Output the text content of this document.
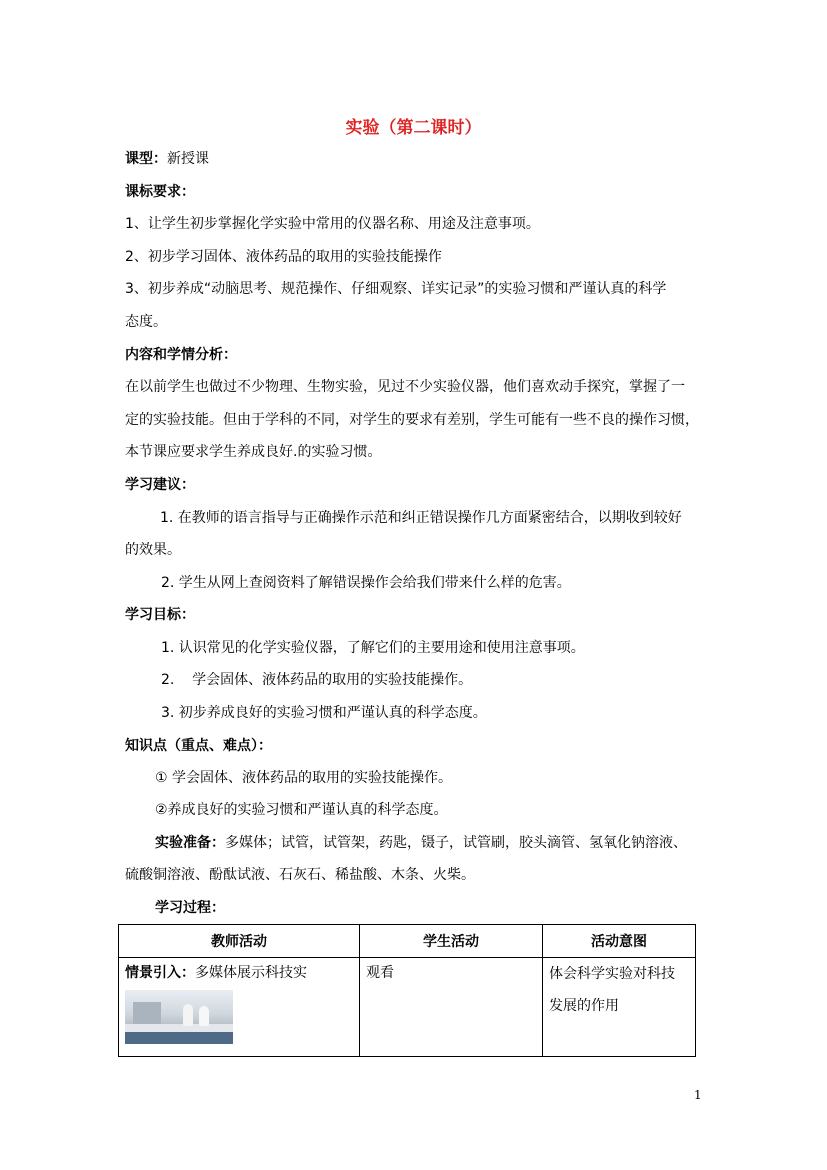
实验（第二课时）
课型：新授课
课标要求：
1、让学生初步掌握化学实验中常用的仪器名称、用途及注意事项。
2、初步学习固体、液体药品的取用的实验技能操作
3、初步养成“动脑思考、规范操作、仔细观察、详实记录”的实验习惯和严谨认真的科学
态度。
内容和学情分析：
在以前学生也做过不少物理、生物实验，见过不少实验仪器，他们喜欢动手探究，掌握了一
定的实验技能。但由于学科的不同，对学生的要求有差别，学生可能有一些不良的操作习惯，
本节课应要求学生养成良好.的实验习惯。
学习建议：
1. 在教师的语言指导与正确操作示范和纠正错误操作几方面紧密结合，以期收到较好
的效果。
2. 学生从网上查阅资料了解错误操作会给我们带来什么样的危害。
学习目标：
1. 认识常见的化学实验仪器，了解它们的主要用途和使用注意事项。
2.    学会固体、液体药品的取用的实验技能操作。
3. 初步养成良好的实验习惯和严谨认真的科学态度。
知识点（重点、难点）：
① 学会固体、液体药品的取用的实验技能操作。
②养成良好的实验习惯和严谨认真的科学态度。
实验准备：多媒体；试管，试管架，药匙，镊子，试管刷，胶头滴管、氢氧化钠溶液、
硫酸铜溶液、酚酞试液、石灰石、稀盐酸、木条、火柴。
学习过程：
教师活动	学生活动	活动意图

情景引入：多媒体展示科技实	观看	体会科学实验对科技
发展的作用
1
